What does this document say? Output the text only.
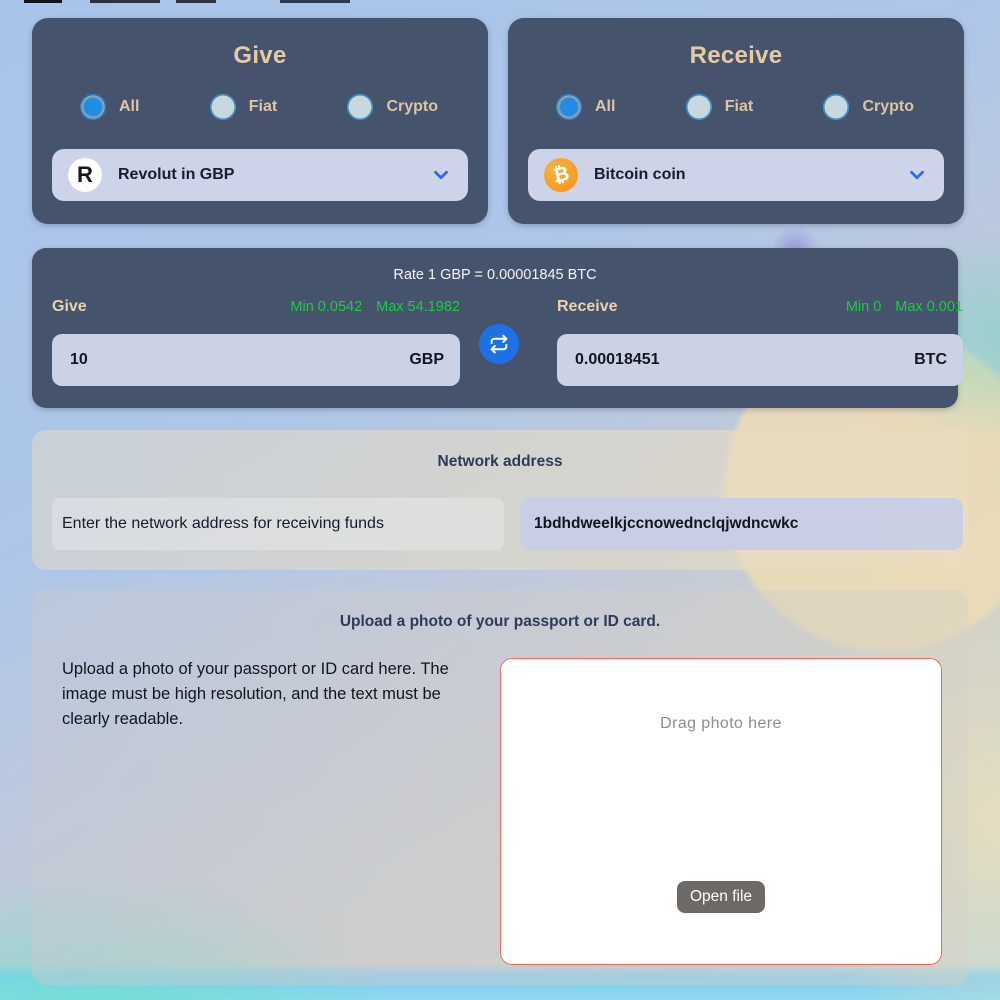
Give
All	Fiat	Crypto
R Revolut in GBP
Receive
All	Fiat	Crypto
₿ Bitcoin coin
Rate 1 GBP = 0.00001845 BTC
Give	Min 0.0542 Max 54.1982
10
GBP
Receive	Min 0 Max 0.001
0.00018451
BTC
Network address
Enter the network address for receiving funds
1bdhdweelkjccnowednclqjwdncwkc
Upload a photo of your passport or ID card.
Upload a photo of your passport or ID card here. The image must be high resolution, and the text must be clearly readable.	Drag photo here
Open file
